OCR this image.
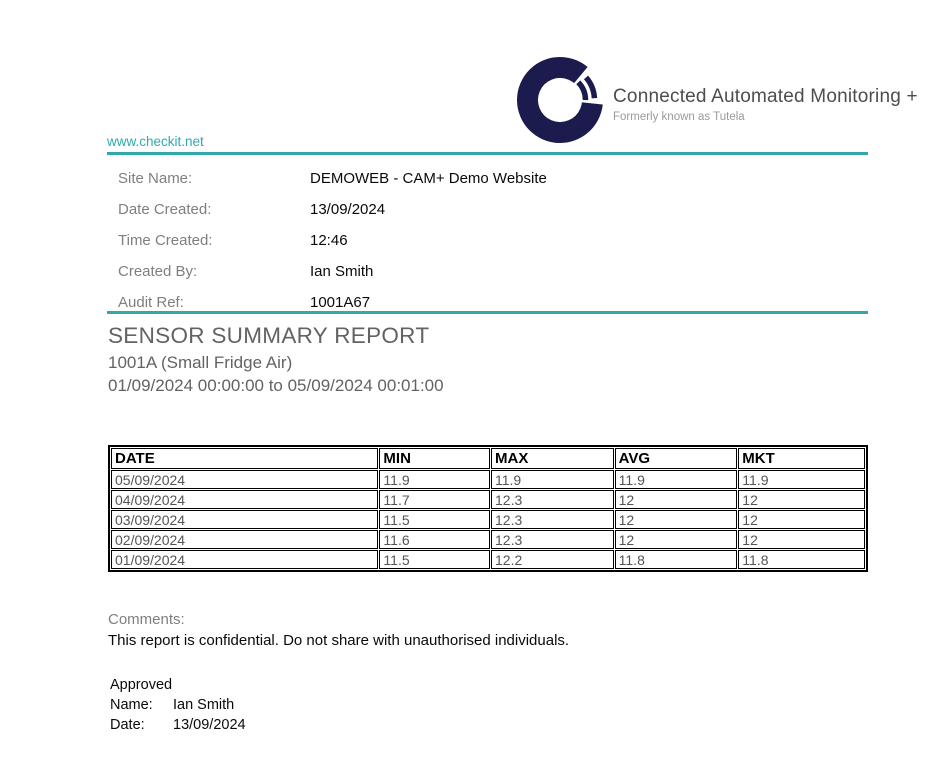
Connected Automated Monitoring +
Formerly known as Tutela
www.checkit.net
Site Name:	DEMOWEB - CAM+ Demo Website
Date Created:	13/09/2024
Time Created:	12:46
Created By:	Ian Smith
Audit Ref:	1001A67
SENSOR SUMMARY REPORT
1001A (Small Fridge Air)
01/09/2024 00:00:00 to 05/09/2024 00:01:00
DATE	MIN	MAX	AVG	MKT
05/09/2024	11.9	11.9	11.9	11.9
04/09/2024	11.7	12.3	12	12
03/09/2024	11.5	12.3	12	12
02/09/2024	11.6	12.3	12	12
01/09/2024	11.5	12.2	11.8	11.8
Comments:
This report is confidential. Do not share with unauthorised individuals.
Approved
Name: Ian Smith
Date: 13/09/2024
